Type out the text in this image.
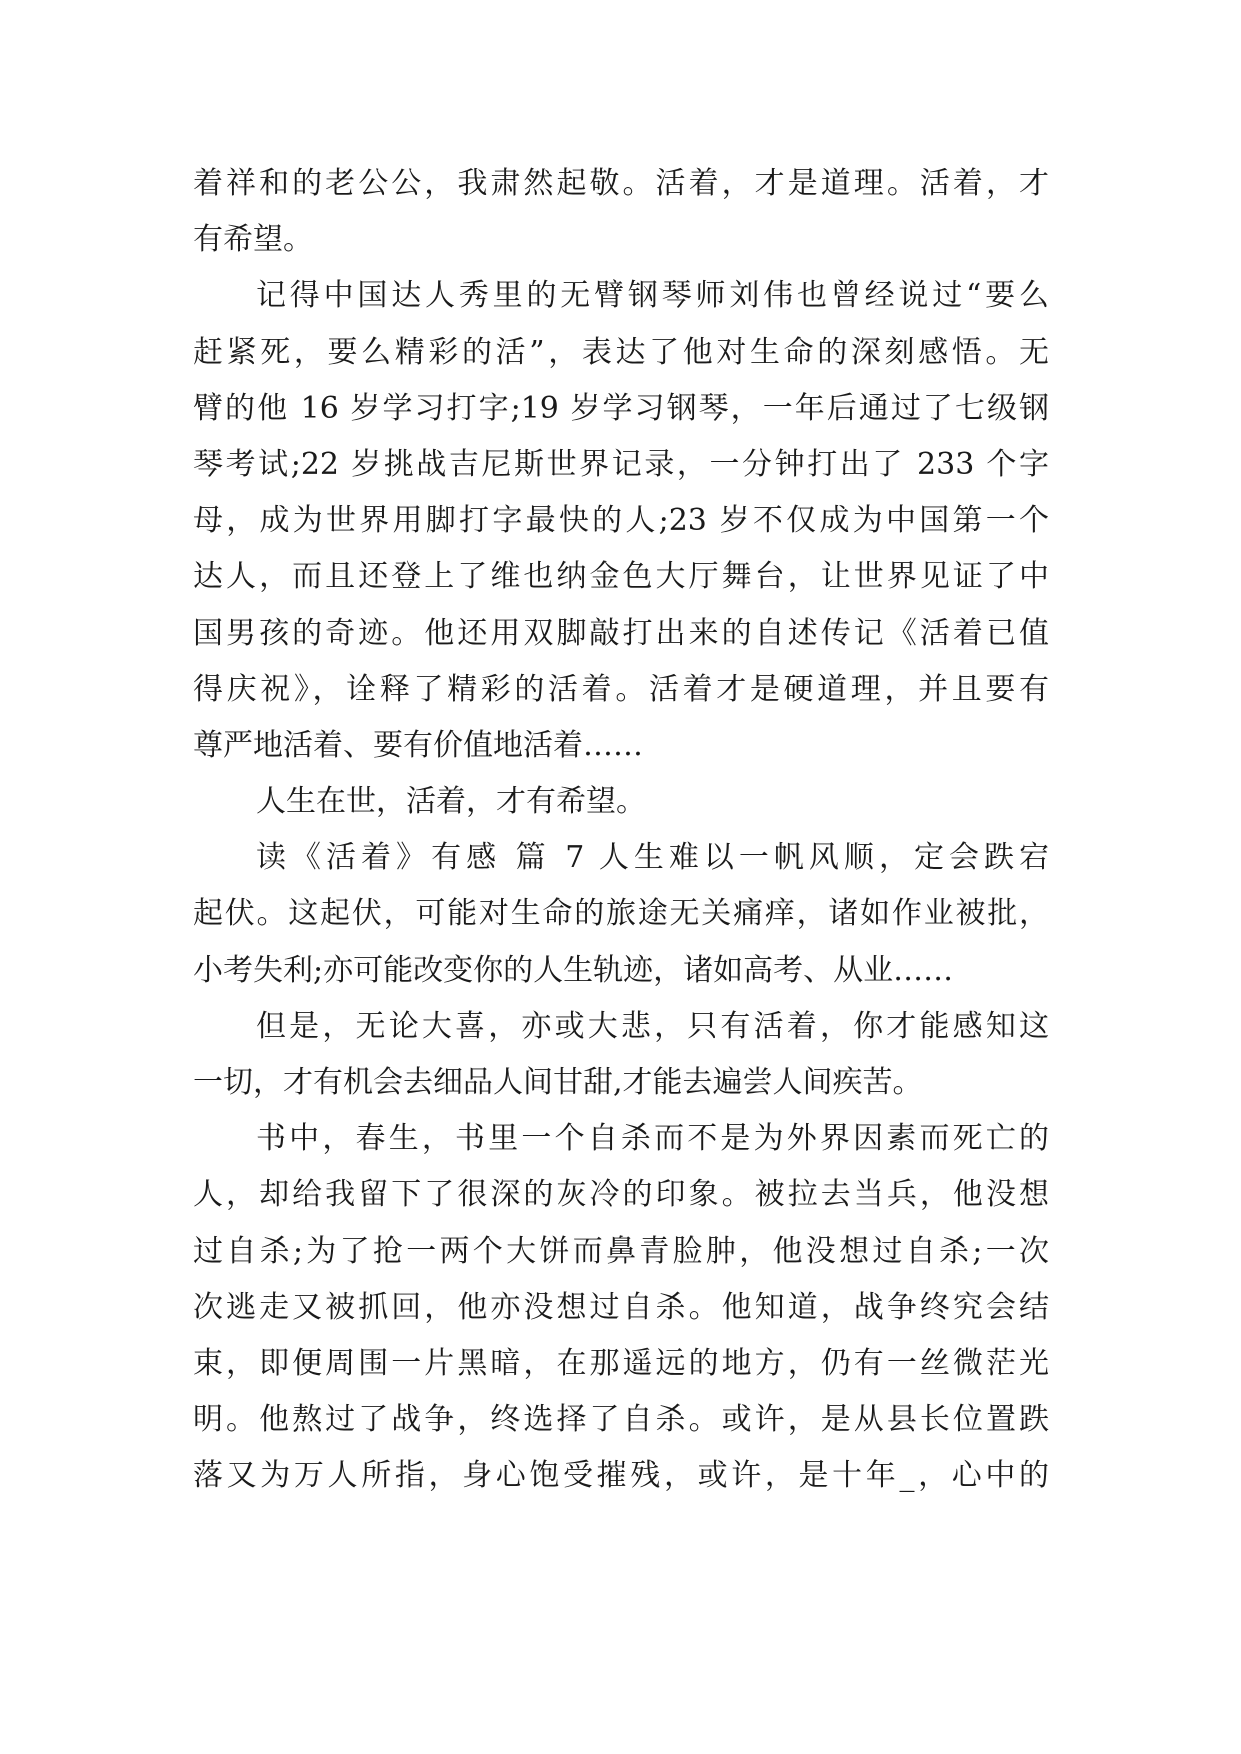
着祥和的老公公，我肃然起敬。活着，才是道理。活着，才
有希望。
记得中国达人秀里的无臂钢琴师刘伟也曾经说过“要么
赶紧死，要么精彩的活”，表达了他对生命的深刻感悟。无
臂的他 16 岁学习打字;19 岁学习钢琴，一年后通过了七级钢
琴考试;22 岁挑战吉尼斯世界记录，一分钟打出了 233 个字
母，成为世界用脚打字最快的人;23 岁不仅成为中国第一个
达人，而且还登上了维也纳金色大厅舞台，让世界见证了中
国男孩的奇迹。他还用双脚敲打出来的自述传记《活着已值
得庆祝》，诠释了精彩的活着。活着才是硬道理，并且要有
尊严地活着、要有价值地活着……
人生在世，活着，才有希望。
读《活着》有感 篇 7 人生难以一帆风顺，定会跌宕
起伏。这起伏，可能对生命的旅途无关痛痒，诸如作业被批，
小考失利;亦可能改变你的人生轨迹，诸如高考、从业……
但是，无论大喜，亦或大悲，只有活着，你才能感知这
一切，才有机会去细品人间甘甜,才能去遍尝人间疾苦。
书中，春生，书里一个自杀而不是为外界因素而死亡的
人，却给我留下了很深的灰冷的印象。被拉去当兵，他没想
过自杀;为了抢一两个大饼而鼻青脸肿，他没想过自杀;一次
次逃走又被抓回，他亦没想过自杀。他知道，战争终究会结
束，即便周围一片黑暗，在那遥远的地方，仍有一丝微茫光
明。他熬过了战争，终选择了自杀。或许，是从县长位置跌
落又为万人所指，身心饱受摧残，或许，是十年_，心中的
